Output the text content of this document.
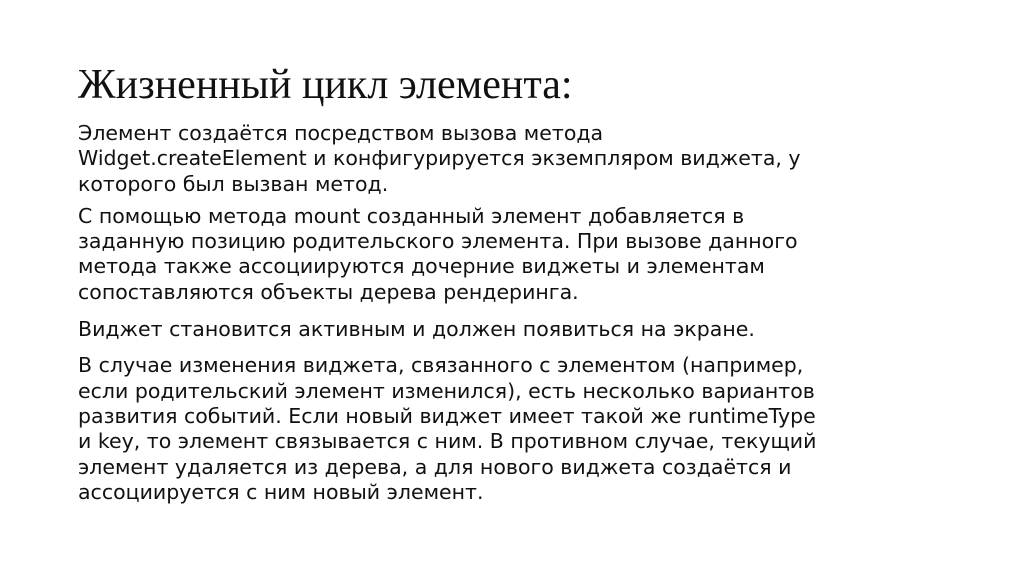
Жизненный цикл элемента:

Элемент создаётся посредством вызова метода
Widget.createElement и конфигурируется экземпляром виджета, у
которого был вызван метод.

С помощью метода mount созданный элемент добавляется в
заданную позицию родительского элемента. При вызове данного
метода также ассоциируются дочерние виджеты и элементам
сопоставляются объекты дерева рендеринга.

Виджет становится активным и должен появиться на экране.

В случае изменения виджета, связанного с элементом (например,
если родительский элемент изменился), есть несколько вариантов
развития событий. Если новый виджет имеет такой же runtimeType
и key, то элемент связывается с ним. В противном случае, текущий
элемент удаляется из дерева, а для нового виджета создаётся и
ассоциируется с ним новый элемент.
